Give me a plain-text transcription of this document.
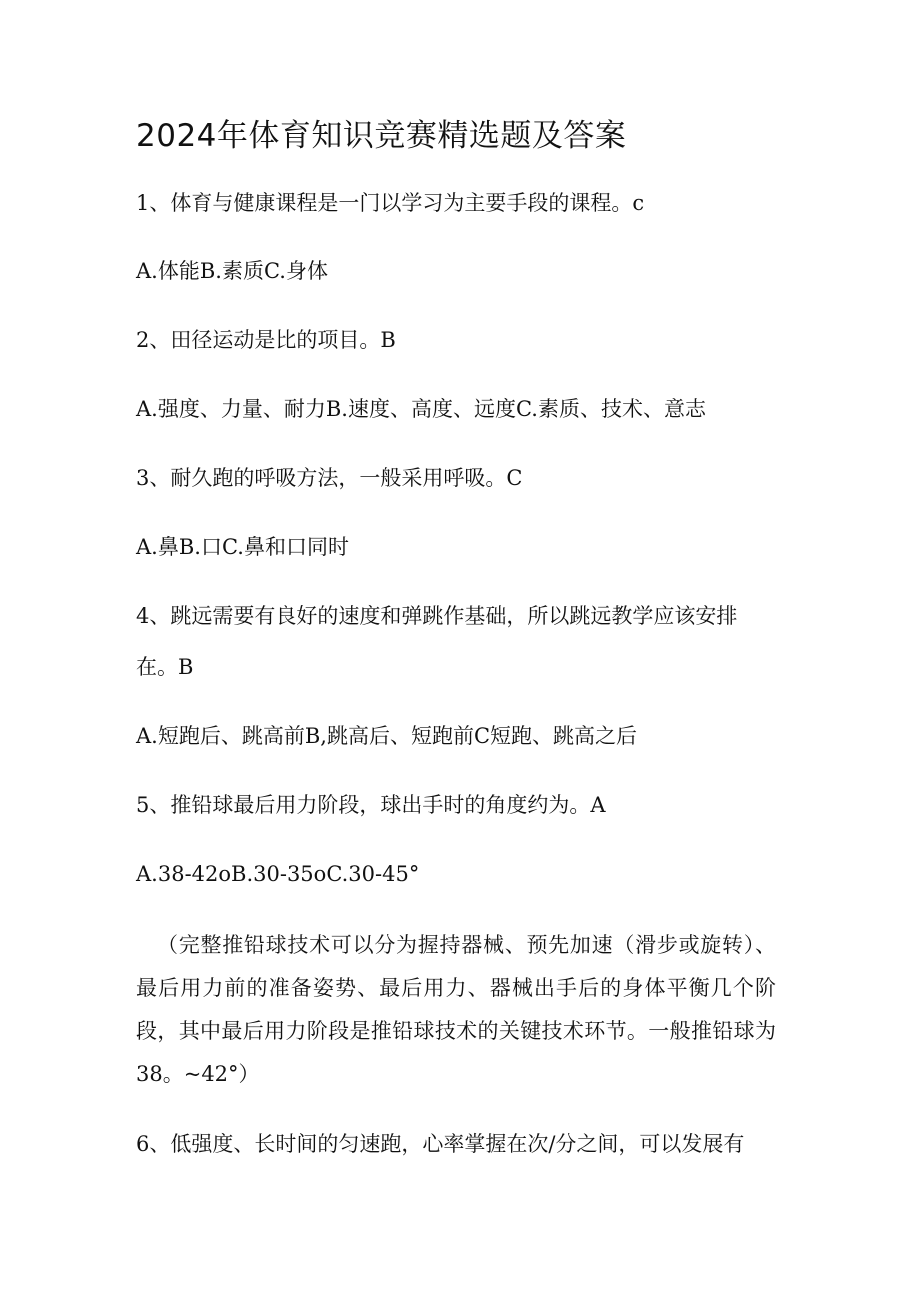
2024年体育知识竞赛精选题及答案

1、体育与健康课程是一门以学习为主要手段的课程。c

A.体能B.素质C.身体

2、田径运动是比的项目。B

A.强度、力量、耐力B.速度、高度、远度C.素质、技术、意志

3、耐久跑的呼吸方法，一般采用呼吸。C

A.鼻B.口C.鼻和口同时

4、跳远需要有良好的速度和弹跳作基础，所以跳远教学应该安排

在。B

A.短跑后、跳高前B,跳高后、短跑前C短跑、跳高之后

5、推铅球最后用力阶段，球出手时的角度约为。A

A.38-42oB.30-35oC.30-45°

（完整推铅球技术可以分为握持器械、预先加速（滑步或旋转）、最后用力前的准备姿势、最后用力、器械出手后的身体平衡几个阶段，其中最后用力阶段是推铅球技术的关键技术环节。一般推铅球为38。~42°）

6、低强度、长时间的匀速跑，心率掌握在次/分之间，可以发展有
